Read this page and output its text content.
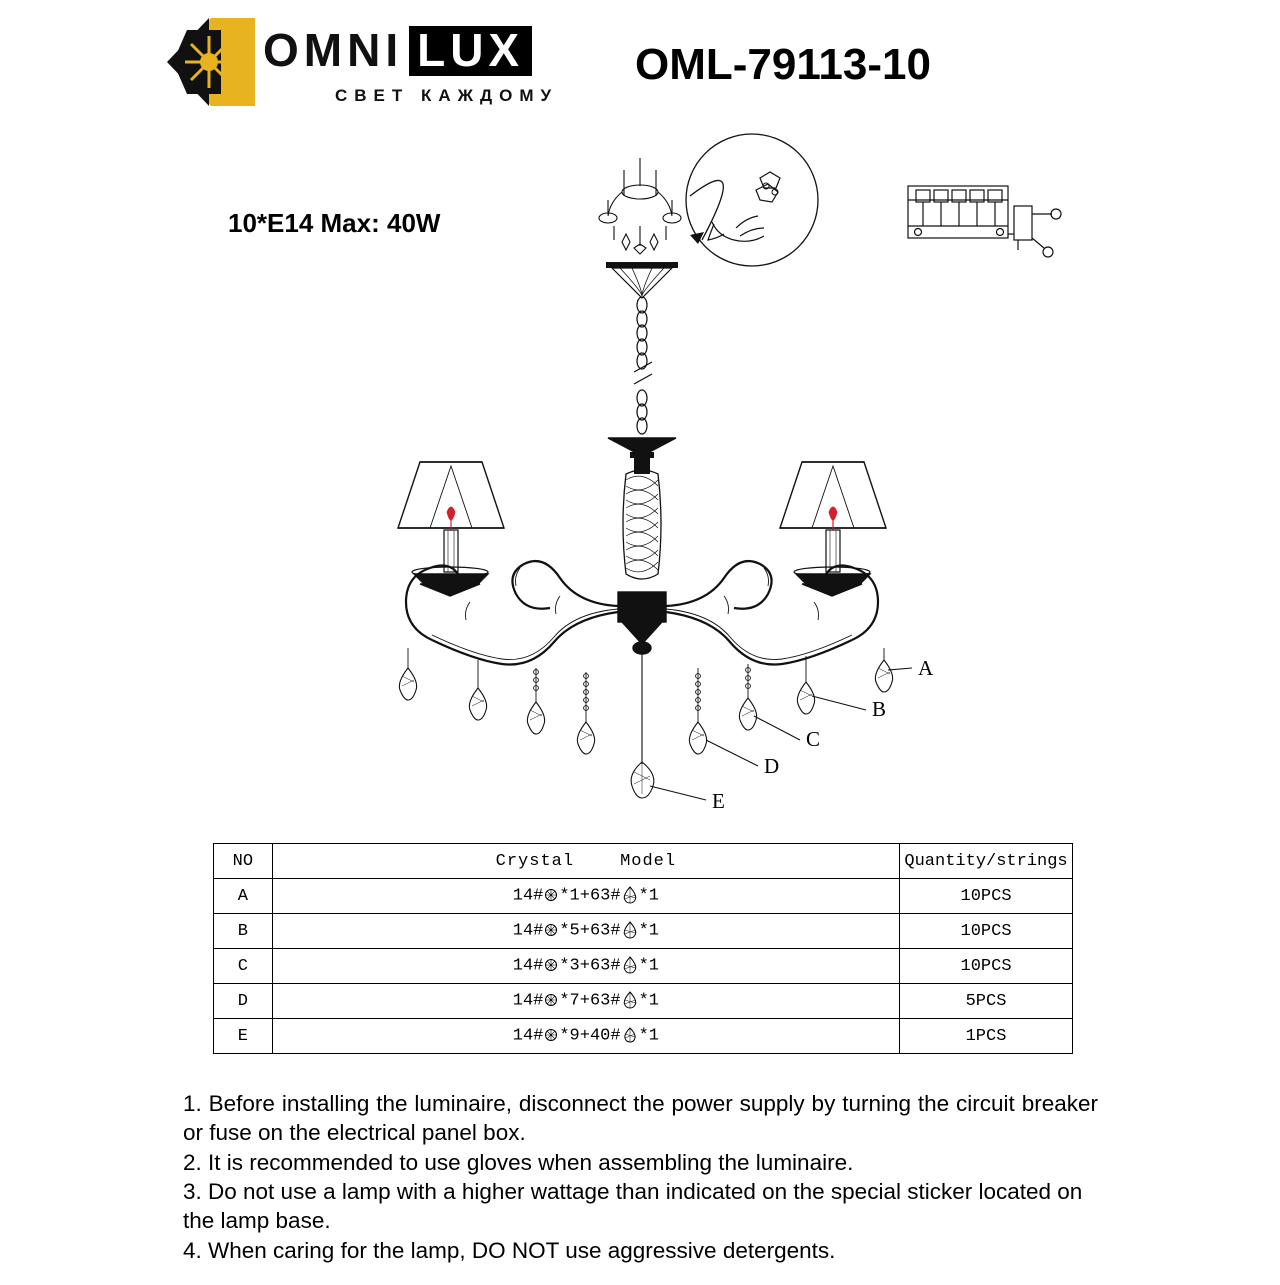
OMNI LUX
СВЕТ КАЖДОМУ
OML-79113-10
10*E14 Max: 40W
A
B
C
D
E
NO	Crystal Model	Quantity/strings
A	14# *1+63# *1	10PCS
B	14# *5+63# *1	10PCS
C	14# *3+63# *1	10PCS
D	14# *7+63# *1	5PCS
E	14# *9+40# *1	1PCS

1. Before installing the luminaire, disconnect the power supply by turning the circuit breaker or fuse on the electrical panel box.

2. It is recommended to use gloves when assembling the luminaire.

3. Do not use a lamp with a higher wattage than indicated on the special sticker located on the lamp base.

4. When caring for the lamp, DO NOT use aggressive detergents.
